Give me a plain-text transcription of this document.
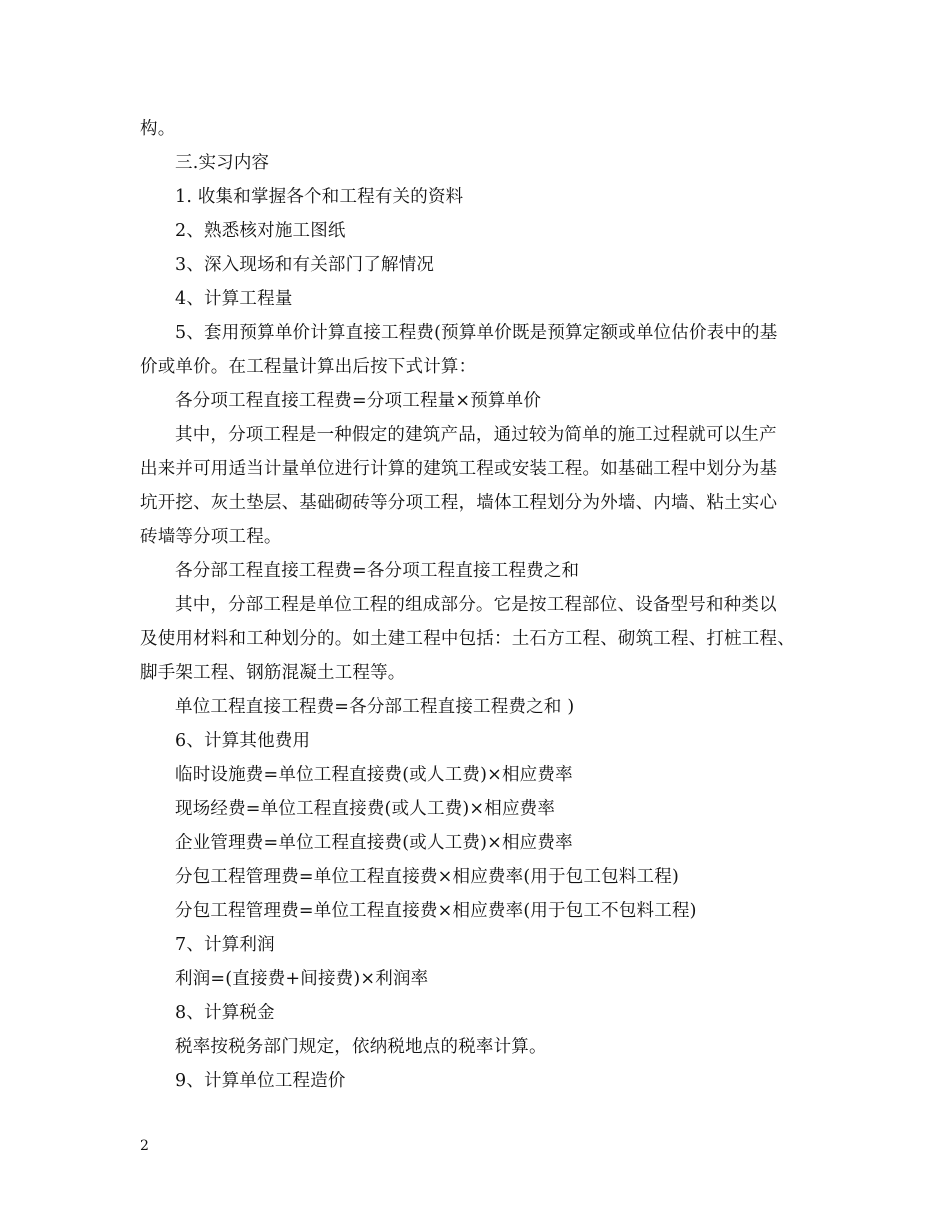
构。
三.实习内容
1. 收集和掌握各个和工程有关的资料
2、熟悉核对施工图纸
3、深入现场和有关部门了解情况
4、计算工程量
5、套用预算单价计算直接工程费(预算单价既是预算定额或单位估价表中的基
价或单价。在工程量计算出后按下式计算：
各分项工程直接工程费=分项工程量×预算单价
其中，分项工程是一种假定的建筑产品，通过较为简单的施工过程就可以生产
出来并可用适当计量单位进行计算的建筑工程或安装工程。如基础工程中划分为基
坑开挖、灰土垫层、基础砌砖等分项工程，墙体工程划分为外墙、内墙、粘土实心
砖墙等分项工程。
各分部工程直接工程费=各分项工程直接工程费之和
其中，分部工程是单位工程的组成部分。它是按工程部位、设备型号和种类以
及使用材料和工种划分的。如土建工程中包括：土石方工程、砌筑工程、打桩工程、
脚手架工程、钢筋混凝土工程等。
单位工程直接工程费=各分部工程直接工程费之和 )
6、计算其他费用
临时设施费=单位工程直接费(或人工费)×相应费率
现场经费=单位工程直接费(或人工费)×相应费率
企业管理费=单位工程直接费(或人工费)×相应费率
分包工程管理费=单位工程直接费×相应费率(用于包工包料工程)
分包工程管理费=单位工程直接费×相应费率(用于包工不包料工程)
7、计算利润
利润=(直接费+间接费)×利润率
8、计算税金
税率按税务部门规定，依纳税地点的税率计算。
9、计算单位工程造价
2
